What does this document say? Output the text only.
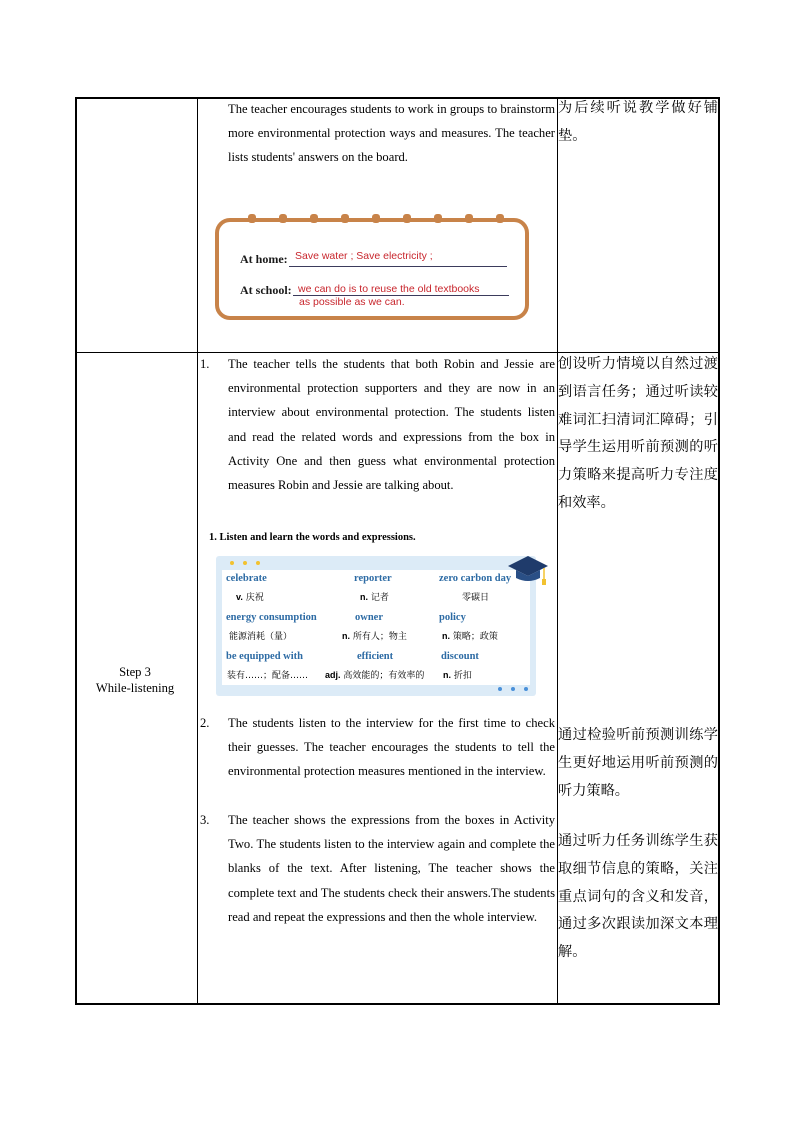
The teacher encourages students to work in groups to brainstorm more environmental protection ways and measures. The teacher lists students' answers on the board.
为后续听说教学做好铺垫。
At home: Save water ; Save electricity ;
At school: we can do is to reuse the old textbooks
as possible as we can.
Step 3
While-listening
1. The teacher tells the students that both Robin and Jessie are environmental protection supporters and they are now in an interview about environmental protection. The students listen and read the related words and expressions from the box in Activity One and then guess what environmental protection measures Robin and Jessie are talking about.
1. Listen and learn the words and expressions.
celebrate
v. 庆祝
reporter
n. 记者
zero carbon day
零碳日
energy consumption
能源消耗（量）
owner
n. 所有人；物主
policy
n. 策略；政策
be equipped with
装有……；配备……
efficient
adj. 高效能的；有效率的
discount
n. 折扣
2. The students listen to the interview for the first time to check their guesses. The teacher encourages the students to tell the environmental protection measures mentioned in the interview.
3. The teacher shows the expressions from the boxes in Activity Two. The students listen to the interview again and complete the blanks of the text. After listening, The teacher shows the complete text and The students check their answers.The students read and repeat the expressions and then the whole interview.
创设听力情境以自然过渡到语言任务；通过听读较难词汇扫清词汇障碍；引导学生运用听前预测的听力策略来提高听力专注度和效率。
通过检验听前预测训练学生更好地运用听前预测的听力策略。
通过听力任务训练学生获取细节信息的策略，关注重点词句的含义和发音，通过多次跟读加深文本理解。
